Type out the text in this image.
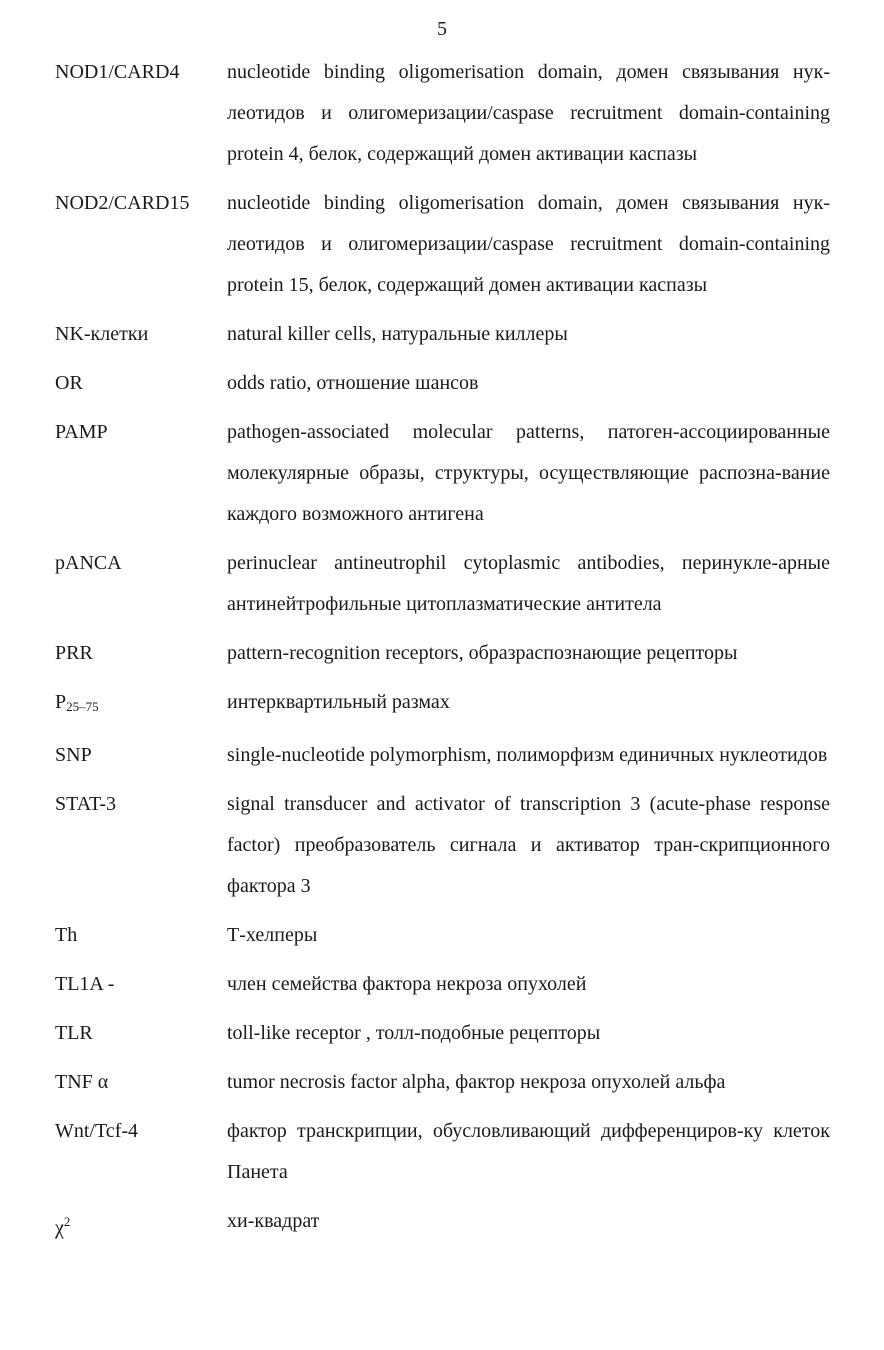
5
NOD1/CARD4	nucleotide binding oligomerisation domain, домен связывания нук-леотидов и олигомеризации/caspase recruitment domain-containing protein 4, белок, содержащий домен активации каспазы
NOD2/CARD15	nucleotide binding oligomerisation domain, домен связывания нук-леотидов и олигомеризации/caspase recruitment domain-containing protein 15, белок, содержащий домен активации каспазы
NK-клетки	natural killer cells, натуральные киллеры
OR	odds ratio, отношение шансов
PAMP	pathogen-associated molecular patterns, патоген-ассоциированные молекулярные образы, структуры, осуществляющие распозна-вание каждого возможного антигена
pANCA	perinuclear antineutrophil cytoplasmic antibodies, перинукле-арные антинейтрофильные цитоплазматические антитела
PRR	pattern-recognition receptors, образраспознающие рецепторы
$P_{25-75}$	интерквартильный размах
SNP	single-nucleotide polymorphism, полиморфизм единичных нуклеотидов
STAT-3	signal transducer and activator of transcription 3 (acute-phase response factor) преобразователь сигнала и активатор тран-скрипционного фактора 3
Th	Т-хелперы
TL1A -	член семейства фактора некроза опухолей
TLR	toll-like receptor , толл-подобные рецепторы
TNF α	tumor necrosis factor alpha, фактор некроза опухолей альфа
Wnt/Tcf-4	фактор транскрипции, обусловливающий дифференциров-ку клеток Панета
$\chi^2$	хи-квадрат
